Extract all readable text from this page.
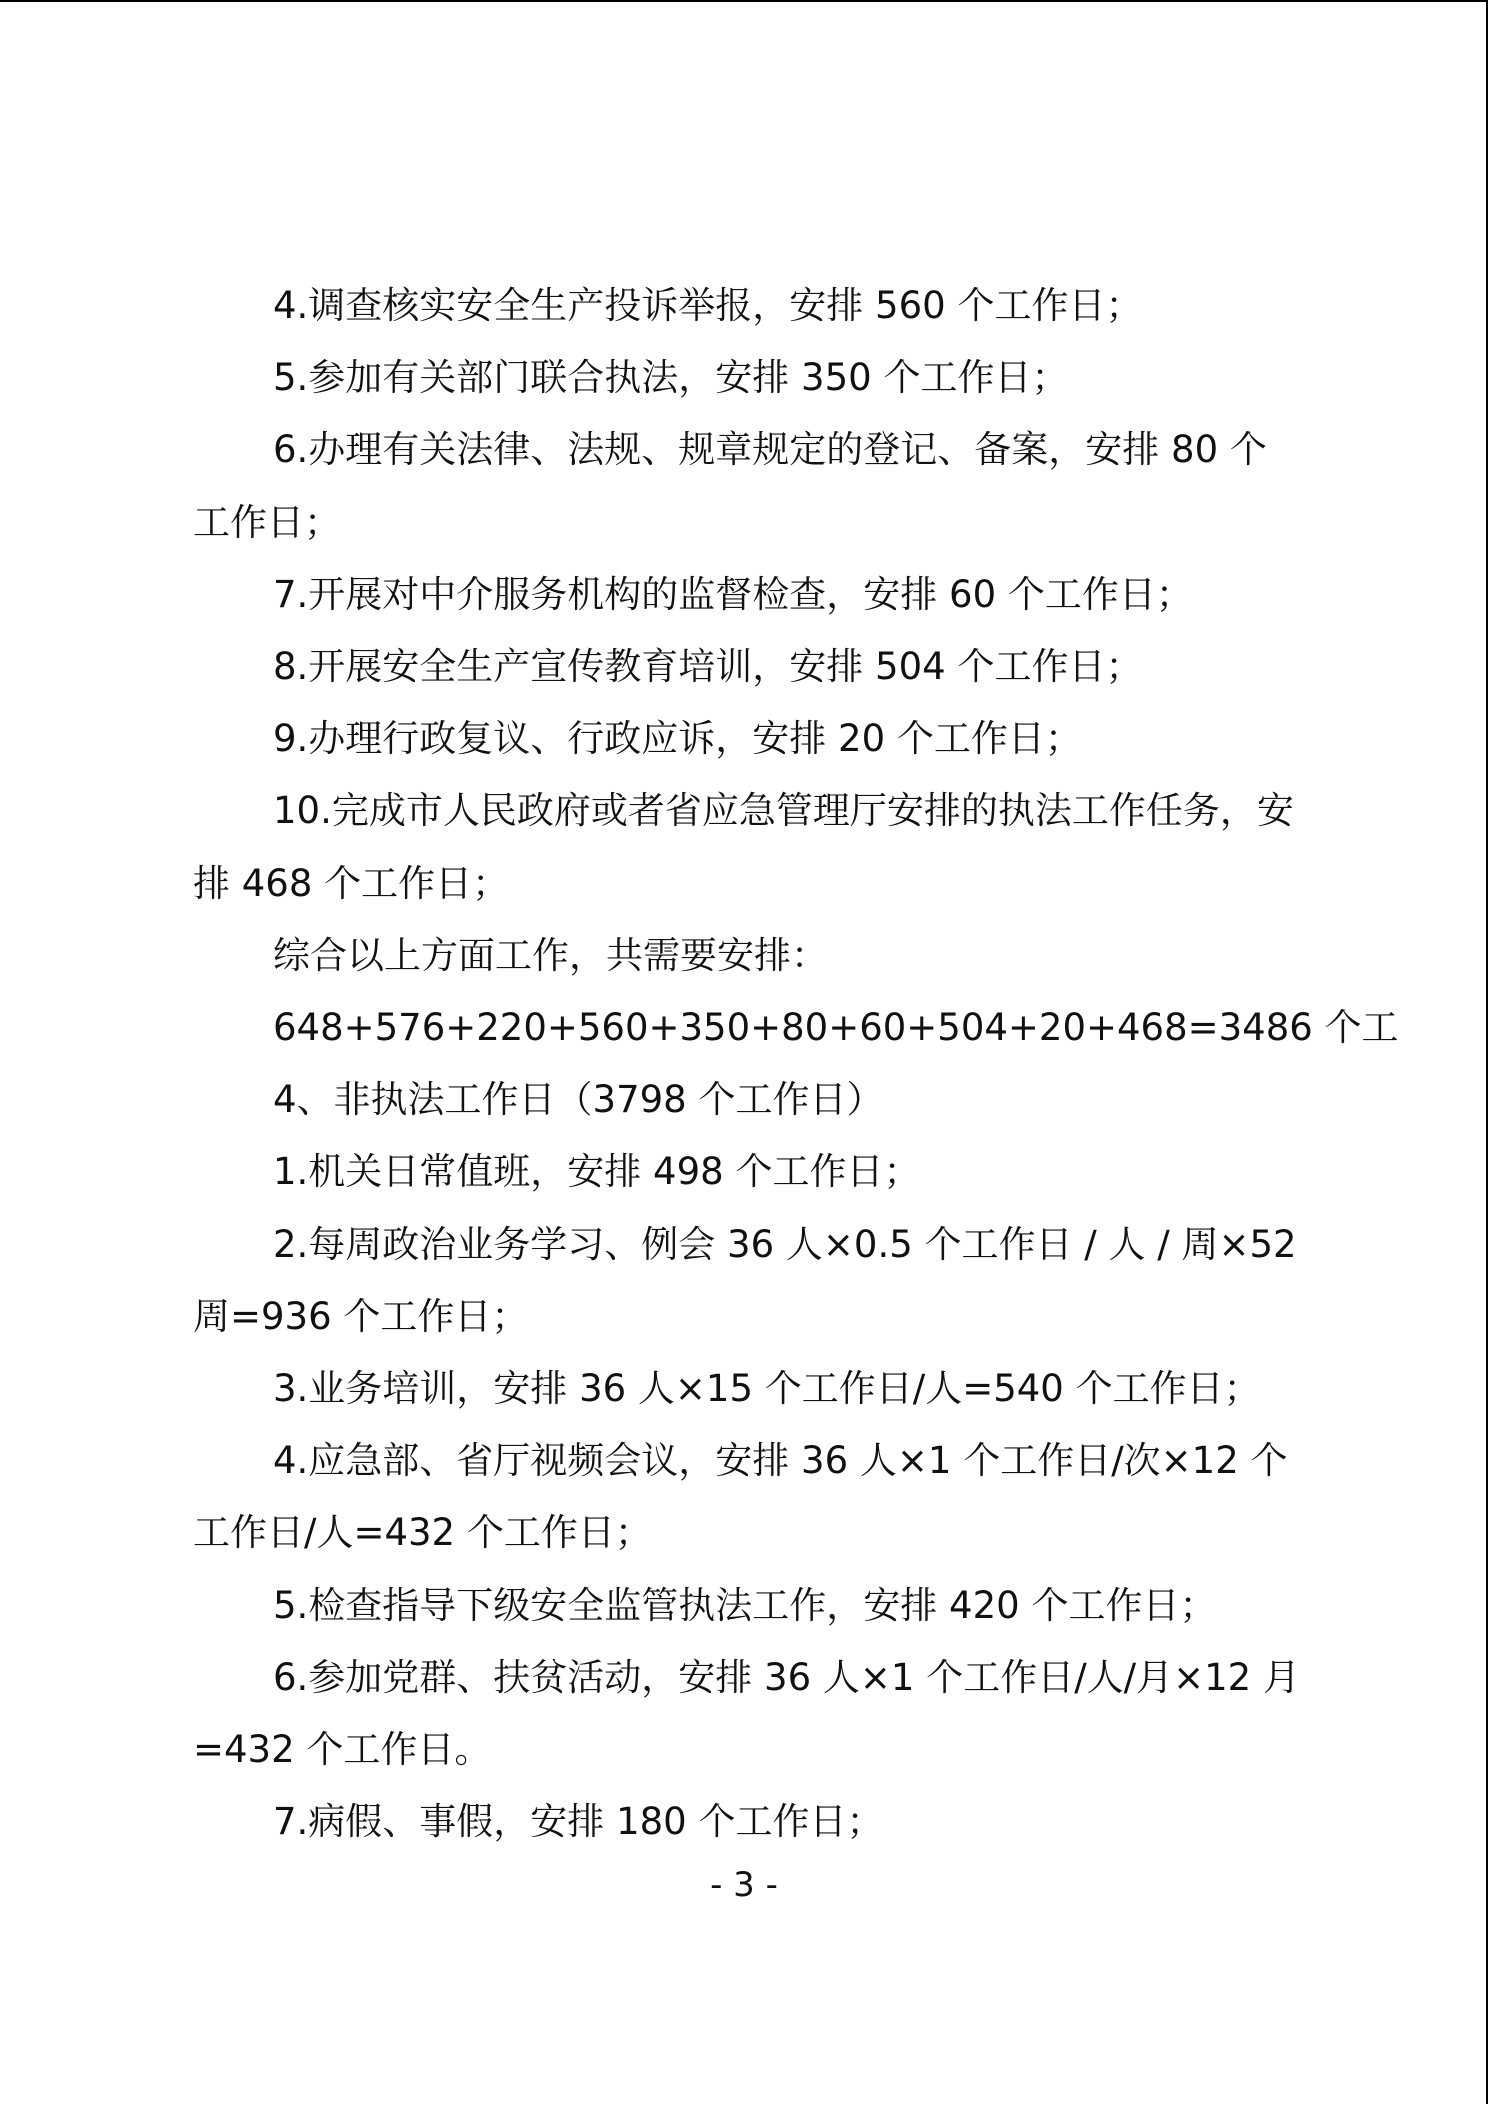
4.调查核实安全生产投诉举报，安排 560 个工作日；

5.参加有关部门联合执法，安排 350 个工作日；

6.办理有关法律、法规、规章规定的登记、备案，安排 80 个工作日；

7.开展对中介服务机构的监督检查，安排 60 个工作日；

8.开展安全生产宣传教育培训，安排 504 个工作日；

9.办理行政复议、行政应诉，安排 20 个工作日；

10.完成市人民政府或者省应急管理厅安排的执法工作任务，安排 468 个工作日；

综合以上方面工作，共需要安排：

648+576+220+560+350+80+60+504+20+468=3486 个工

4、非执法工作日（3798 个工作日）

1.机关日常值班，安排 498 个工作日；

2.每周政治业务学习、例会 36 人×0.5 个工作日 / 人 / 周×52 周=936 个工作日；

3.业务培训，安排 36 人×15 个工作日/人=540 个工作日；

4.应急部、省厅视频会议，安排 36 人×1 个工作日/次×12 个工作日/人=432 个工作日；

5.检查指导下级安全监管执法工作，安排 420 个工作日；

6.参加党群、扶贫活动，安排 36 人×1 个工作日/人/月×12 月=432 个工作日。

7.病假、事假，安排 180 个工作日；

- 3 -
